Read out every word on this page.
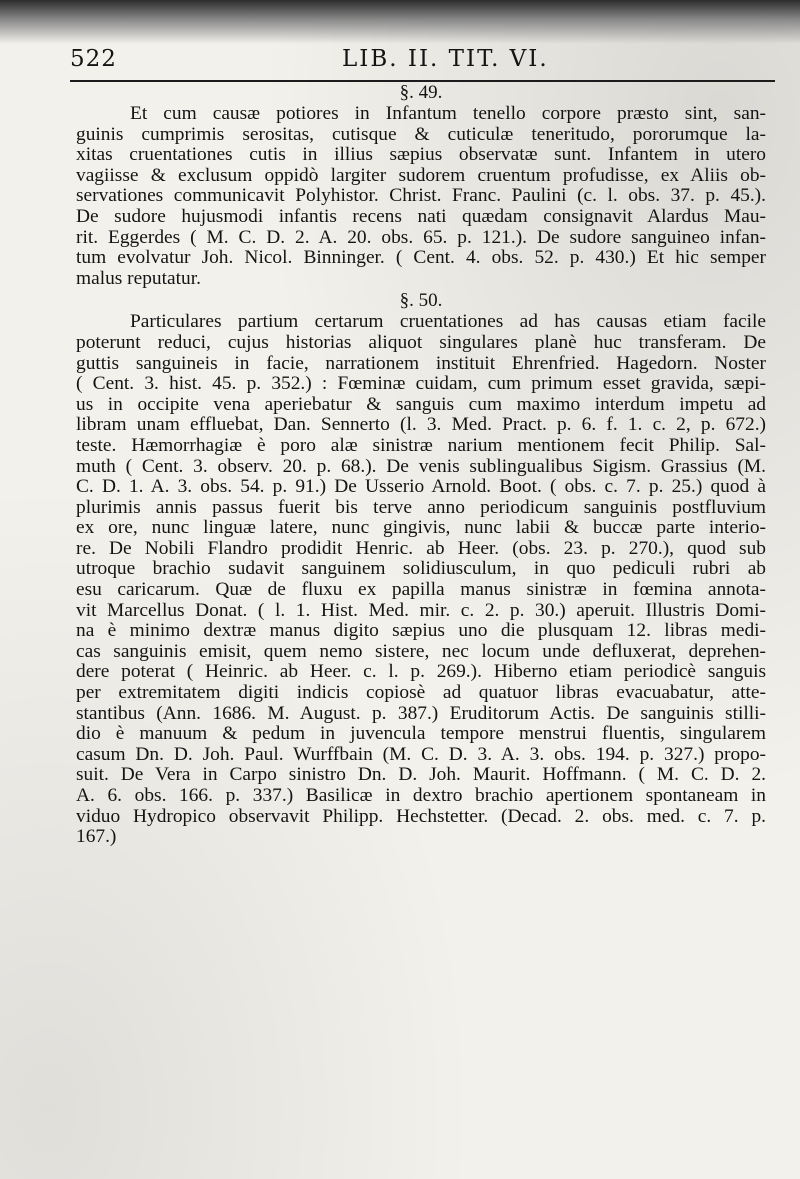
522	LIB. II. TIT. VI.
§. 49.
Et cum causæ potiores in Infantum tenello corpore præsto sint, san-
guinis cumprimis serositas, cutisque & cuticulæ teneritudo, pororumque la-
xitas cruentationes cutis in illius sæpius observatæ sunt. Infantem in utero
vagiisse & exclusum oppidò largiter sudorem cruentum profudisse, ex Aliis ob-
servationes communicavit Polyhistor. Christ. Franc. Paulini (c. l. obs. 37. p. 45.).
De sudore hujusmodi infantis recens nati quædam consignavit Alardus Mau-
rit. Eggerdes ( M. C. D. 2. A. 20. obs. 65. p. 121.). De sudore sanguineo infan-
tum evolvatur Joh. Nicol. Binninger. ( Cent. 4. obs. 52. p. 430.) Et hic semper
malus reputatur.
§. 50.
Particulares partium certarum cruentationes ad has causas etiam facile
poterunt reduci, cujus historias aliquot singulares planè huc transferam. De
guttis sanguineis in facie, narrationem instituit Ehrenfried. Hagedorn. Noster
( Cent. 3. hist. 45. p. 352.) : Fœminæ cuidam, cum primum esset gravida, sæpi-
us in occipite vena aperiebatur & sanguis cum maximo interdum impetu ad
libram unam effluebat, Dan. Sennerto (l. 3. Med. Pract. p. 6. f. 1. c. 2, p. 672.)
teste. Hæmorrhagiæ è poro alæ sinistræ narium mentionem fecit Philip. Sal-
muth ( Cent. 3. observ. 20. p. 68.). De venis sublingualibus Sigism. Grassius (M.
C. D. 1. A. 3. obs. 54. p. 91.) De Usserio Arnold. Boot. ( obs. c. 7. p. 25.) quod à
plurimis annis passus fuerit bis terve anno periodicum sanguinis postfluvium
ex ore, nunc linguæ latere, nunc gingivis, nunc labii & buccæ parte interio-
re. De Nobili Flandro prodidit Henric. ab Heer. (obs. 23. p. 270.), quod sub
utroque brachio sudavit sanguinem solidiusculum, in quo pediculi rubri ab
esu caricarum. Quæ de fluxu ex papilla manus sinistræ in fœmina annota-
vit Marcellus Donat. ( l. 1. Hist. Med. mir. c. 2. p. 30.) aperuit. Illustris Domi-
na è minimo dextræ manus digito sæpius uno die plusquam 12. libras medi-
cas sanguinis emisit, quem nemo sistere, nec locum unde defluxerat, deprehen-
dere poterat ( Heinric. ab Heer. c. l. p. 269.). Hiberno etiam periodicè sanguis
per extremitatem digiti indicis copiosè ad quatuor libras evacuabatur, atte-
stantibus (Ann. 1686. M. August. p. 387.) Eruditorum Actis. De sanguinis stilli-
dio è manuum & pedum in juvencula tempore menstrui fluentis, singularem
casum Dn. D. Joh. Paul. Wurffbain (M. C. D. 3. A. 3. obs. 194. p. 327.) propo-
suit. De Vera in Carpo sinistro Dn. D. Joh. Maurit. Hoffmann. ( M. C. D. 2.
A. 6. obs. 166. p. 337.) Basilicæ in dextro brachio apertionem spontaneam in
viduo Hydropico observavit Philipp. Hechstetter. (Decad. 2. obs. med. c. 7. p.
167.)
